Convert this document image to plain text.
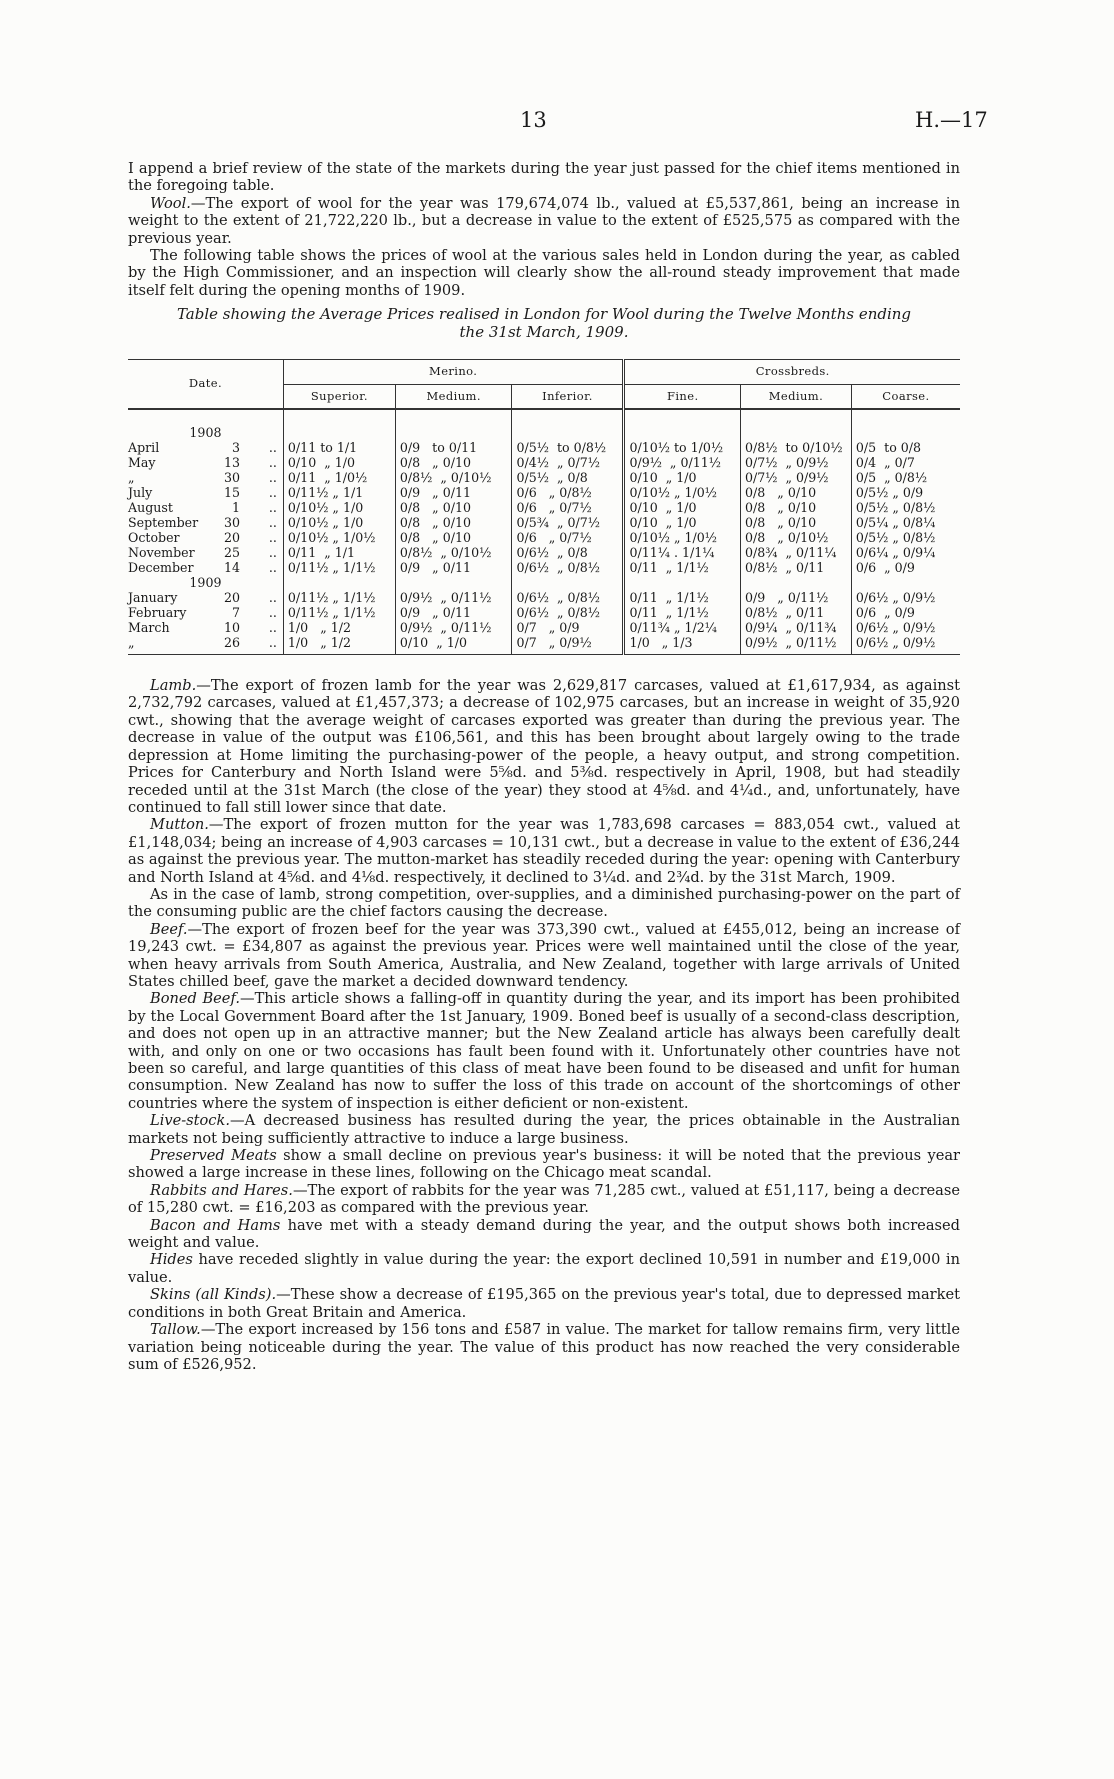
13	H.—17

I append a brief review of the state of the markets during the year just passed for the chief items mentioned in the foregoing table.

Wool.—The export of wool for the year was 179,674,074 lb., valued at £5,537,861, being an increase in weight to the extent of 21,722,220 lb., but a decrease in value to the extent of £525,575 as compared with the previous year.

The following table shows the prices of wool at the various sales held in London during the year, as cabled by the High Commissioner, and an inspection will clearly show the all-round steady improvement that made itself felt during the opening months of 1909.

Table showing the Average Prices realised in London for Wool during the Twelve Months ending
the 31st March, 1909.
Date.		Merino.			Crossbreds.		
		Superior.	Medium.	Inferior.	Fine.	Medium.	Coarse.

1908							
April 3	..	0/11 to 1/1	0/9   to 0/11	0/5½  to 0/8½	0/10½ to 1/0½	0/8½  to 0/10½	0/5  to 0/8
May 13	..	0/10  „ 1/0	0/8   „ 0/10	0/4½  „ 0/7½	0/9½  „ 0/11½	0/7½  „ 0/9½	0/4  „ 0/7
„ 30	..	0/11  „ 1/0½	0/8½  „ 0/10½	0/5½  „ 0/8	0/10  „ 1/0	0/7½  „ 0/9½	0/5  „ 0/8½
July 15	..	0/11½ „ 1/1	0/9   „ 0/11	0/6   „ 0/8½	0/10½ „ 1/0½	0/8   „ 0/10	0/5½ „ 0/9
August 1	..	0/10½ „ 1/0	0/8   „ 0/10	0/6   „ 0/7½	0/10  „ 1/0	0/8   „ 0/10	0/5½ „ 0/8½
September 30	..	0/10½ „ 1/0	0/8   „ 0/10	0/5¾  „ 0/7½	0/10  „ 1/0	0/8   „ 0/10	0/5¼ „ 0/8¼
October 20	..	0/10½ „ 1/0½	0/8   „ 0/10	0/6   „ 0/7½	0/10½ „ 1/0½	0/8   „ 0/10½	0/5½ „ 0/8½
November 25	..	0/11  „ 1/1	0/8½  „ 0/10½	0/6½  „ 0/8	0/11¼ . 1/1¼	0/8¾  „ 0/11¼	0/6¼ „ 0/9¼
December 14	..	0/11½ „ 1/1½	0/9   „ 0/11	0/6½  „ 0/8½	0/11  „ 1/1½	0/8½  „ 0/11	0/6  „ 0/9
1909							
January 20	..	0/11½ „ 1/1½	0/9½  „ 0/11½	0/6½  „ 0/8½	0/11  „ 1/1½	0/9   „ 0/11½	0/6½ „ 0/9½
February 7	..	0/11½ „ 1/1½	0/9   „ 0/11	0/6½  „ 0/8½	0/11  „ 1/1½	0/8½  „ 0/11	0/6  „ 0/9
March 10	..	1/0   „ 1/2	0/9½  „ 0/11½	0/7   „ 0/9	0/11¾ „ 1/2¼	0/9¼  „ 0/11¾	0/6½ „ 0/9½
„ 26	..	1/0   „ 1/2	0/10  „ 1/0	0/7   „ 0/9½	1/0   „ 1/3	0/9½  „ 0/11½	0/6½ „ 0/9½

Lamb.—The export of frozen lamb for the year was 2,629,817 carcases, valued at £1,617,934, as against 2,732,792 carcases, valued at £1,457,373; a decrease of 102,975 carcases, but an increase in weight of 35,920 cwt., showing that the average weight of carcases exported was greater than during the previous year. The decrease in value of the output was £106,561, and this has been brought about largely owing to the trade depression at Home limiting the purchasing-power of the people, a heavy output, and strong competition. Prices for Canterbury and North Island were 5⅝d. and 5⅜d. respectively in April, 1908, but had steadily receded until at the 31st March (the close of the year) they stood at 4⅝d. and 4¼d., and, unfortunately, have continued to fall still lower since that date.

Mutton.—The export of frozen mutton for the year was 1,783,698 carcases = 883,054 cwt., valued at £1,148,034; being an increase of 4,903 carcases = 10,131 cwt., but a decrease in value to the extent of £36,244 as against the previous year. The mutton-market has steadily receded during the year: opening with Canterbury and North Island at 4⅝d. and 4⅛d. respectively, it declined to 3¼d. and 2¾d. by the 31st March, 1909.

As in the case of lamb, strong competition, over-supplies, and a diminished purchasing-power on the part of the consuming public are the chief factors causing the decrease.

Beef.—The export of frozen beef for the year was 373,390 cwt., valued at £455,012, being an increase of 19,243 cwt. = £34,807 as against the previous year. Prices were well maintained until the close of the year, when heavy arrivals from South America, Australia, and New Zealand, together with large arrivals of United States chilled beef, gave the market a decided downward tendency.

Boned Beef.—This article shows a falling-off in quantity during the year, and its import has been prohibited by the Local Government Board after the 1st January, 1909. Boned beef is usually of a second-class description, and does not open up in an attractive manner; but the New Zealand article has always been carefully dealt with, and only on one or two occasions has fault been found with it. Unfortunately other countries have not been so careful, and large quantities of this class of meat have been found to be diseased and unfit for human consumption. New Zealand has now to suffer the loss of this trade on account of the shortcomings of other countries where the system of inspection is either deficient or non-existent.

Live-stock.—A decreased business has resulted during the year, the prices obtainable in the Australian markets not being sufficiently attractive to induce a large business.

Preserved Meats show a small decline on previous year's business: it will be noted that the previous year showed a large increase in these lines, following on the Chicago meat scandal.

Rabbits and Hares.—The export of rabbits for the year was 71,285 cwt., valued at £51,117, being a decrease of 15,280 cwt. = £16,203 as compared with the previous year.

Bacon and Hams have met with a steady demand during the year, and the output shows both increased weight and value.

Hides have receded slightly in value during the year: the export declined 10,591 in number and £19,000 in value.

Skins (all Kinds).—These show a decrease of £195,365 on the previous year's total, due to depressed market conditions in both Great Britain and America.

Tallow.—The export increased by 156 tons and £587 in value. The market for tallow remains firm, very little variation being noticeable during the year. The value of this product has now reached the very considerable sum of £526,952.
